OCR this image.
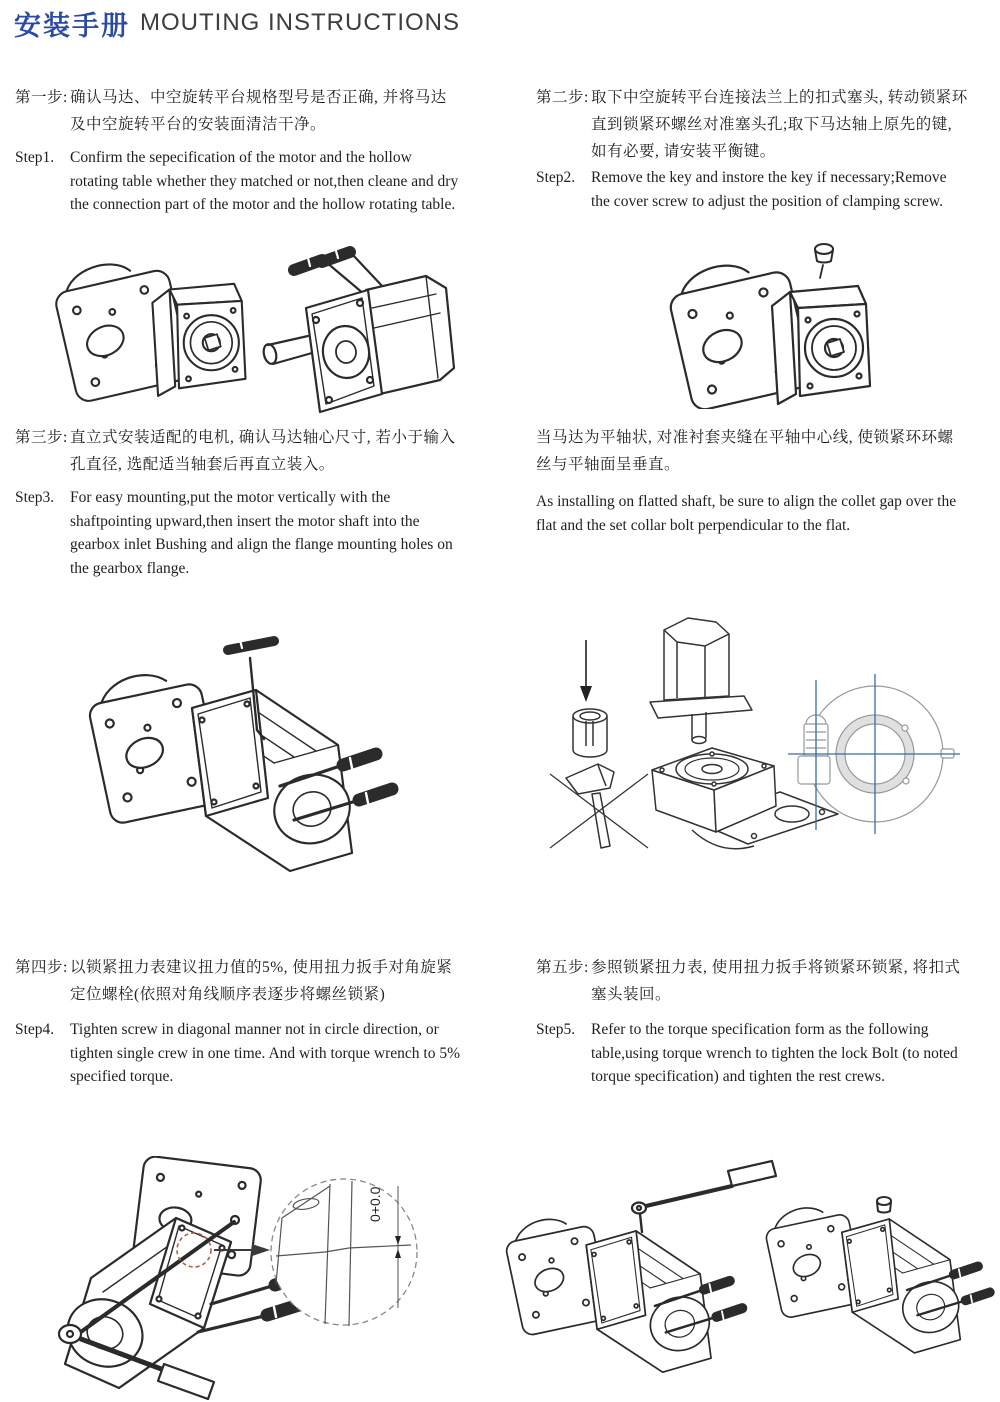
安装手册 MOUTING INSTRUCTIONS
第一步: 确认马达、中空旋转平台规格型号是否正确, 并将马达及中空旋转平台的安装面清洁干净。
Step1.	Confirm the sepecification of the motor and the hollow rotating table whether they matched or not,then cleane and dry the connection part of the motor and the hollow rotating table.
第二步: 取下中空旋转平台连接法兰上的扣式塞头, 转动锁紧环直到锁紧环螺丝对准塞头孔;取下马达轴上原先的键, 如有必要, 请安装平衡键。
Step2.	Remove the key and instore the key if necessary;Remove the cover screw to adjust the position of clamping screw.
第三步: 直立式安装适配的电机, 确认马达轴心尺寸, 若小于输入孔直径, 选配适当轴套后再直立装入。
Step3.	For easy mounting,put the motor vertically with the shaftpointing upward,then insert the motor shaft into the gearbox inlet Bushing and align the flange mounting holes on the gearbox flange.
当马达为平轴状, 对准衬套夹缝在平轴中心线, 使锁紧环环螺丝与平轴面呈垂直。
As installing on flatted shaft, be sure to align the collet gap over the flat and the set collar bolt perpendicular to the flat.
第四步: 以锁紧扭力表建议扭力值的5%, 使用扭力扳手对角旋紧定位螺栓(依照对角线顺序表逐步将螺丝锁紧)
Step4.	Tighten screw in diagonal manner not in circle direction, or tighten single crew in one time. And with torque wrench to 5% specified torque.
第五步: 参照锁紧扭力表, 使用扭力扳手将锁紧环锁紧, 将扣式塞头装回。
Step5.	Refer to the torque specification form as the following table,using torque wrench to tighten the lock Bolt (to noted torque specification) and tighten the rest crews.
0+0.0
